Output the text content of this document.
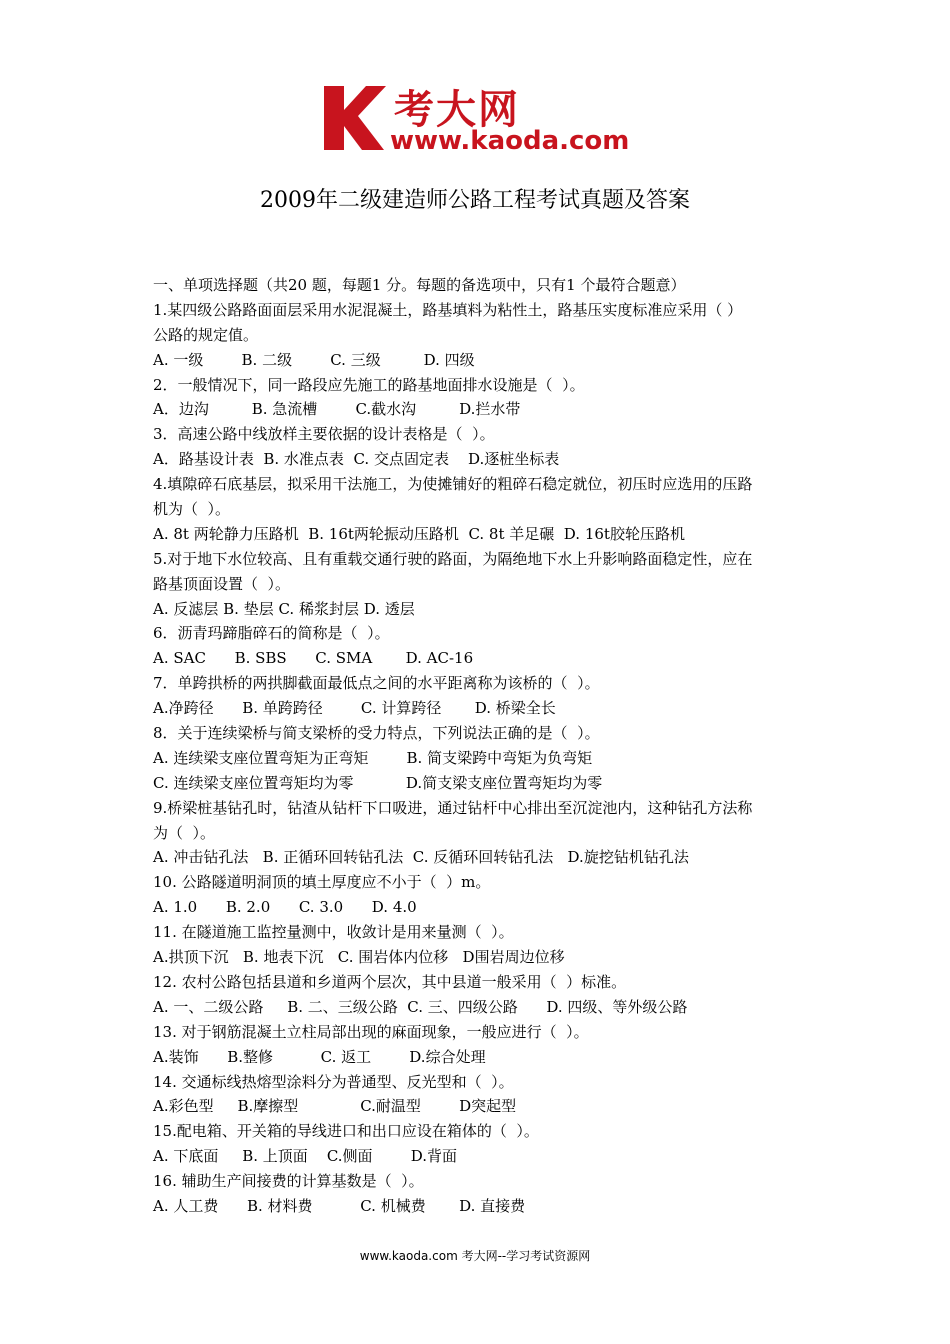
考大网
www.kaoda.com
2009年二级建造师公路工程考试真题及答案
一、单项选择题（共20 题，每题1 分。每题的备选项中，只有1 个最符合题意）
1.某四级公路路面面层采用水泥混凝土，路基填料为粘性土，路基压实度标准应采用（ ）
公路的规定值。
A. 一级        B. 二级        C. 三级         D. 四级
2．一般情况下，同一路段应先施工的路基地面排水设施是（  ）。
A．边沟         B. 急流槽        C.截水沟         D.拦水带
3．高速公路中线放样主要依据的设计表格是（  ）。
A．路基设计表  B. 水准点表  C. 交点固定表    D.逐桩坐标表
4.填隙碎石底基层，拟采用干法施工，为使摊铺好的粗碎石稳定就位，初压时应选用的压路
机为（  ）。
A. 8t 两轮静力压路机  B. 16t两轮振动压路机  C. 8t 羊足碾  D. 16t胶轮压路机
5.对于地下水位较高、且有重载交通行驶的路面，为隔绝地下水上升影响路面稳定性，应在
路基顶面设置（  ）。
A. 反滤层 B. 垫层 C. 稀浆封层 D. 透层
6．沥青玛蹄脂碎石的简称是（  ）。
A. SAC      B. SBS      C. SMA       D. AC-16
7．单跨拱桥的两拱脚截面最低点之间的水平距离称为该桥的（  ）。
A.净跨径      B. 单跨跨径        C. 计算跨径       D. 桥梁全长
8．关于连续梁桥与简支梁桥的受力特点，下列说法正确的是（  ）。
A. 连续梁支座位置弯矩为正弯矩        B. 简支梁跨中弯矩为负弯矩
C. 连续梁支座位置弯矩均为零           D.简支梁支座位置弯矩均为零
9.桥梁桩基钻孔时，钻渣从钻杆下口吸进，通过钻杆中心排出至沉淀池内，这种钻孔方法称
为（  ）。
A. 冲击钻孔法   B. 正循环回转钻孔法  C. 反循环回转钻孔法   D.旋挖钻机钻孔法
10. 公路隧道明洞顶的填土厚度应不小于（  ）m。
A. 1.0      B. 2.0      C. 3.0      D. 4.0
11. 在隧道施工监控量测中，收敛计是用来量测（  ）。
A.拱顶下沉   B. 地表下沉   C. 围岩体内位移   D围岩周边位移
12. 农村公路包括县道和乡道两个层次，其中县道一般采用（  ）标准。
A. 一、二级公路     B. 二、三级公路  C. 三、四级公路      D. 四级、等外级公路
13. 对于钢筋混凝土立柱局部出现的麻面现象，一般应进行（  ）。
A.装饰      B.整修          C. 返工        D.综合处理
14. 交通标线热熔型涂料分为普通型、反光型和（  ）。
A.彩色型     B.摩擦型             C.耐温型        D突起型
15.配电箱、开关箱的导线进口和出口应设在箱体的（  ）。
A. 下底面     B. 上顶面    C.侧面        D.背面
16. 辅助生产间接费的计算基数是（  ）。
A. 人工费      B. 材料费          C. 机械费       D. 直接费
www.kaoda.com 考大网--学习考试资源网
